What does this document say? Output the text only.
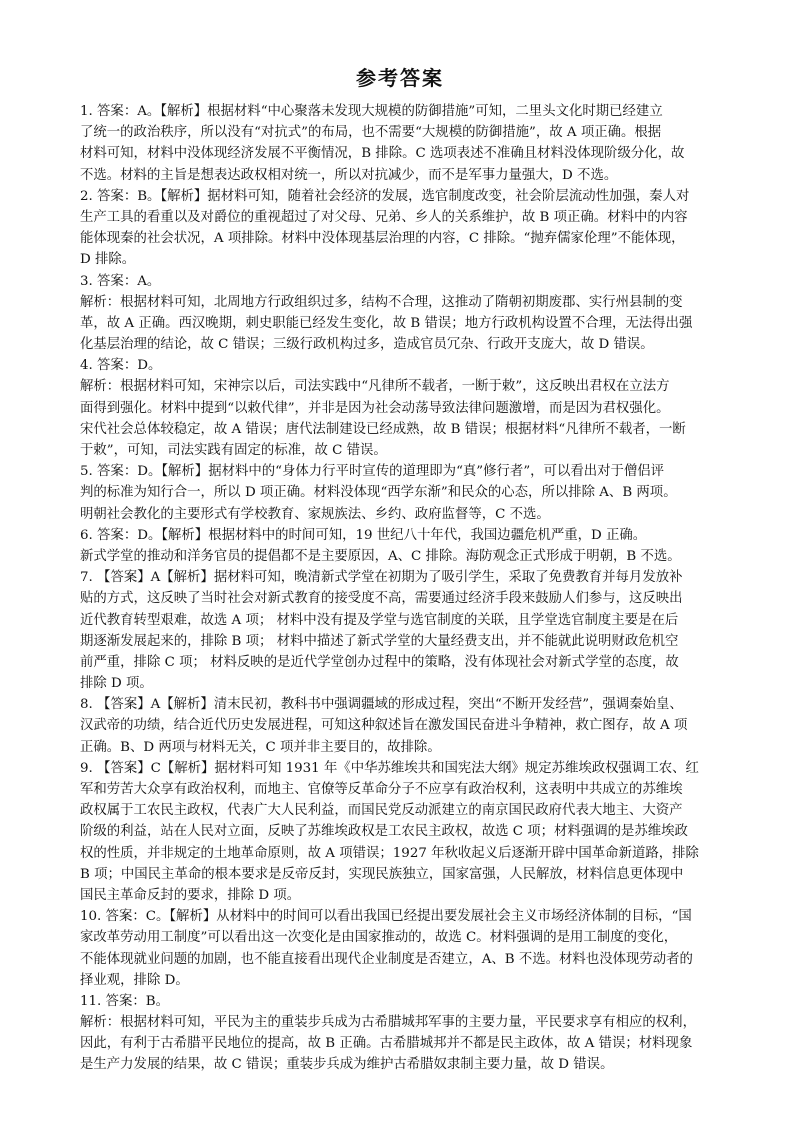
参考答案
1. 答案：A。【解析】根据材料“中心聚落未发现大规模的防御措施”可知，二里头文化时期已经建立
了统一的政治秩序，所以没有“对抗式”的布局，也不需要“大规模的防御措施”，故 A 项正确。根据
材料可知，材料中没体现经济发展不平衡情况，B 排除。C 选项表述不准确且材料没体现阶级分化，故
不选。材料的主旨是想表达政权相对统一，所以对抗减少，而不是军事力量强大，D 不选。
2. 答案：B。【解析】据材料可知，随着社会经济的发展，选官制度改变，社会阶层流动性加强，秦人对
生产工具的看重以及对爵位的重视超过了对父母、兄弟、乡人的关系维护，故 B 项正确。材料中的内容
能体现秦的社会状况，A 项排除。材料中没体现基层治理的内容，C 排除。“抛弃儒家伦理”不能体现，
D 排除。
3. 答案：A。
解析：根据材料可知，北周地方行政组织过多，结构不合理，这推动了隋朝初期废郡、实行州县制的变
革，故 A 正确。西汉晚期，刺史职能已经发生变化，故 B 错误；地方行政机构设置不合理，无法得出强
化基层治理的结论，故 C 错误；三级行政机构过多，造成官员冗杂、行政开支庞大，故 D 错误。
4. 答案：D。
解析：根据材料可知，宋神宗以后，司法实践中“凡律所不载者，一断于敕”，这反映出君权在立法方
面得到强化。材料中提到“以敕代律”，并非是因为社会动荡导致法律问题激增，而是因为君权强化。
宋代社会总体较稳定，故 A 错误；唐代法制建设已经成熟，故 B 错误；根据材料“凡律所不载者，一断
于敕”，可知，司法实践有固定的标准，故 C 错误。
5. 答案：D。【解析】据材料中的“身体力行平时宣传的道理即为“真”修行者”，可以看出对于僧侣评
判的标准为知行合一，所以 D 项正确。材料没体现“西学东渐”和民众的心态，所以排除 A、B 两项。
明朝社会教化的主要形式有学校教育、家规族法、乡约、政府监督等，C 不选。
6. 答案：D。【解析】根据材料中的时间可知，19 世纪八十年代，我国边疆危机严重，D 正确。
新式学堂的推动和洋务官员的提倡都不是主要原因，A、C 排除。海防观念正式形成于明朝，B 不选。
7. 【答案】A【解析】据材料可知，晚清新式学堂在初期为了吸引学生，采取了免费教育并每月发放补
贴的方式，这反映了当时社会对新式教育的接受度不高，需要通过经济手段来鼓励人们参与，这反映出
近代教育转型艰难，故选 A 项； 材料中没有提及学堂与选官制度的关联，且学堂选官制度主要是在后
期逐渐发展起来的，排除 B 项； 材料中描述了新式学堂的大量经费支出，并不能就此说明财政危机空
前严重，排除 C 项； 材料反映的是近代学堂创办过程中的策略，没有体现社会对新式学堂的态度，故
排除 D 项。
8. 【答案】A【解析】清末民初，教科书中强调疆域的形成过程，突出“不断开发经营”，强调秦始皇、
汉武帝的功绩，结合近代历史发展进程，可知这种叙述旨在激发国民奋进斗争精神，救亡图存，故 A 项
正确。B、D 两项与材料无关，C 项并非主要目的，故排除。
9. 【答案】C【解析】据材料可知 1931 年《中华苏维埃共和国宪法大纲》规定苏维埃政权强调工农、红
军和劳苦大众享有政治权利，而地主、官僚等反革命分子不应享有政治权利，这表明中共成立的苏维埃
政权属于工农民主政权，代表广大人民利益，而国民党反动派建立的南京国民政府代表大地主、大资产
阶级的利益，站在人民对立面，反映了苏维埃政权是工农民主政权，故选 C 项；材料强调的是苏维埃政
权的性质，并非规定的土地革命原则，故 A 项错误；1927 年秋收起义后逐渐开辟中国革命新道路，排除
B 项；中国民主革命的根本要求是反帝反封，实现民族独立，国家富强，人民解放，材料信息更体现中
国民主革命反封的要求，排除 D 项。
10. 答案：C。【解析】从材料中的时间可以看出我国已经提出要发展社会主义市场经济体制的目标，“国
家改革劳动用工制度”可以看出这一次变化是由国家推动的，故选 C。材料强调的是用工制度的变化，
不能体现就业问题的加剧，也不能直接看出现代企业制度是否建立，A、B 不选。材料也没体现劳动者的
择业观，排除 D。
11. 答案：B。
解析：根据材料可知，平民为主的重装步兵成为古希腊城邦军事的主要力量，平民要求享有相应的权利，
因此，有利于古希腊平民地位的提高，故 B 正确。古希腊城邦并不都是民主政体，故 A 错误；材料现象
是生产力发展的结果，故 C 错误；重装步兵成为维护古希腊奴隶制主要力量，故 D 错误。
